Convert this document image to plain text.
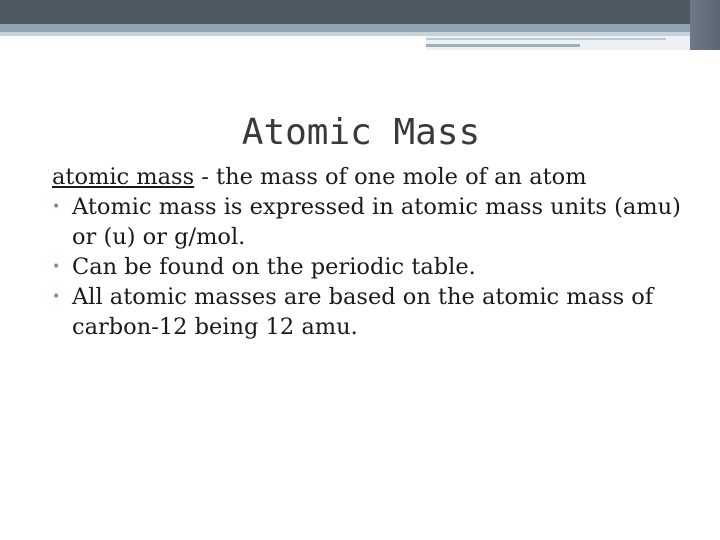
Atomic Mass
atomic mass - the mass of one mole of an atom
• Atomic mass is expressed in atomic mass units (amu) or (u) or g/mol.
• Can be found on the periodic table.
• All atomic masses are based on the atomic mass of carbon-12 being 12 amu.
